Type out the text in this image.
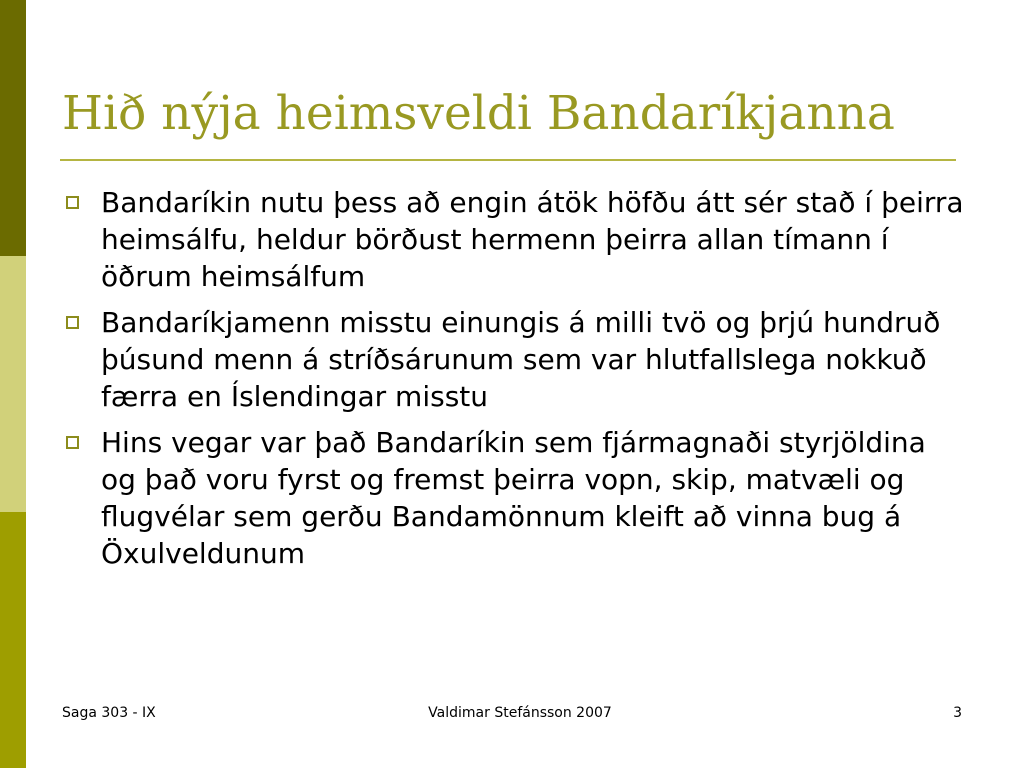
Hið nýja heimsveldi Bandaríkjanna
Bandaríkin nutu þess að engin átök höfðu átt sér stað í þeirra heimsálfu, heldur börðust hermenn þeirra allan tímann í öðrum heimsálfum
Bandaríkjamenn misstu einungis á milli tvö og þrjú hundruð þúsund menn á stríðsárunum sem var hlutfallslega nokkuð færra en Íslendingar misstu
Hins vegar var það Bandaríkin sem fjármagnaði styrjöldina og það voru fyrst og fremst þeirra vopn, skip, matvæli og flugvélar sem gerðu Bandamönnum kleift að vinna bug á Öxulveldunum
Saga 303 - IX	Valdimar Stefánsson 2007	3
